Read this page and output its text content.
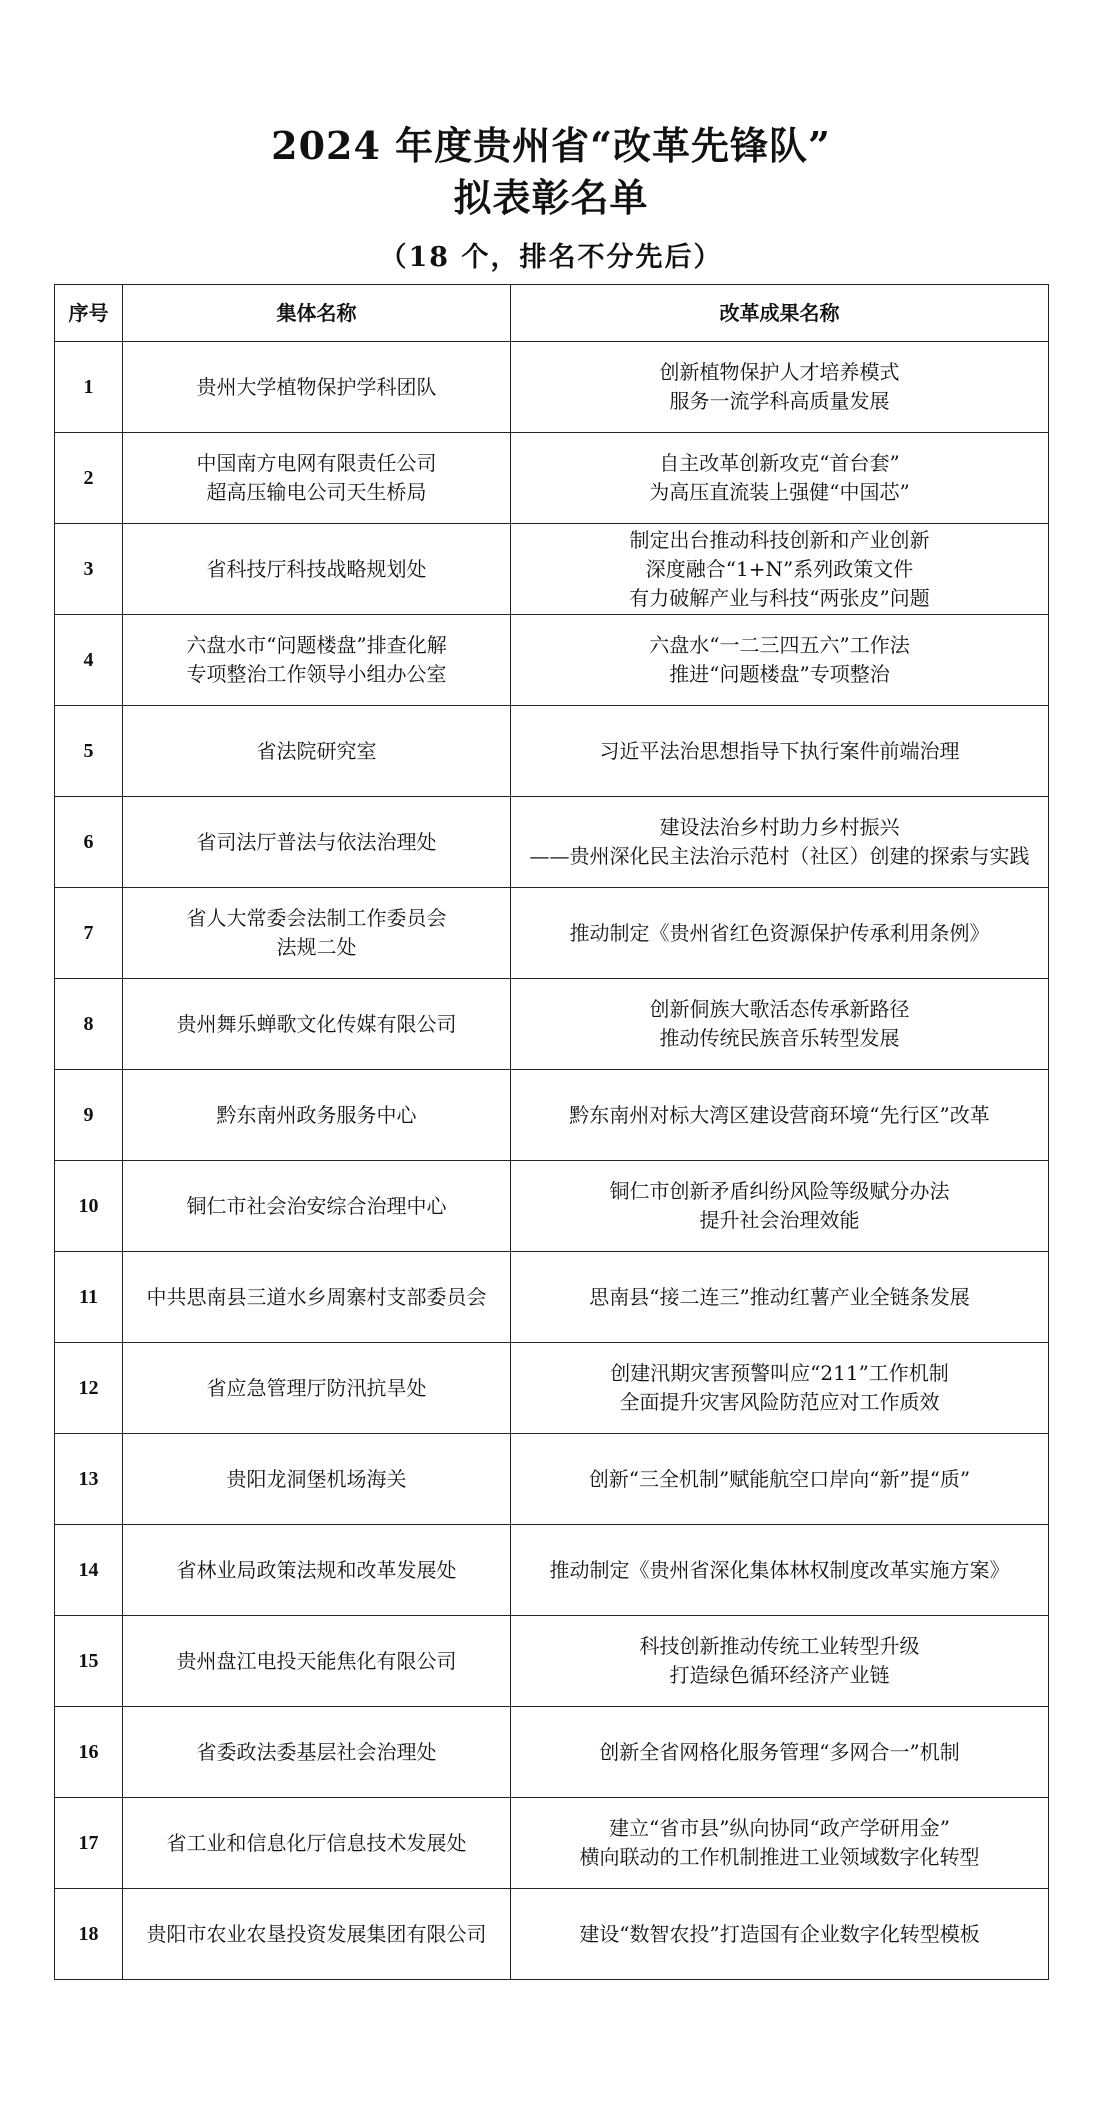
2024 年度贵州省“改革先锋队”
拟表彰名单
（18 个，排名不分先后）
序号	集体名称	改革成果名称
1	贵州大学植物保护学科团队	创新植物保护人才培养模式
服务一流学科高质量发展

2	中国南方电网有限责任公司
超高压输电公司天生桥局	自主改革创新攻克“首台套”
为高压直流装上强健“中国芯”

3	省科技厅科技战略规划处	制定出台推动科技创新和产业创新
深度融合“1+N”系列政策文件
有力破解产业与科技“两张皮”问题

4	六盘水市“问题楼盘”排查化解
专项整治工作领导小组办公室	六盘水“一二三四五六”工作法
推进“问题楼盘”专项整治

5	省法院研究室	习近平法治思想指导下执行案件前端治理

6	省司法厅普法与依法治理处	建设法治乡村助力乡村振兴
——贵州深化民主法治示范村（社区）创建的探索与实践

7	省人大常委会法制工作委员会
法规二处	推动制定《贵州省红色资源保护传承利用条例》

8	贵州舞乐蝉歌文化传媒有限公司	创新侗族大歌活态传承新路径
推动传统民族音乐转型发展

9	黔东南州政务服务中心	黔东南州对标大湾区建设营商环境“先行区”改革

10	铜仁市社会治安综合治理中心	铜仁市创新矛盾纠纷风险等级赋分办法
提升社会治理效能

11	中共思南县三道水乡周寨村支部委员会	思南县“接二连三”推动红薯产业全链条发展

12	省应急管理厅防汛抗旱处	创建汛期灾害预警叫应“211”工作机制
全面提升灾害风险防范应对工作质效

13	贵阳龙洞堡机场海关	创新“三全机制”赋能航空口岸向“新”提“质”

14	省林业局政策法规和改革发展处	推动制定《贵州省深化集体林权制度改革实施方案》

15	贵州盘江电投天能焦化有限公司	科技创新推动传统工业转型升级
打造绿色循环经济产业链

16	省委政法委基层社会治理处	创新全省网格化服务管理“多网合一”机制

17	省工业和信息化厅信息技术发展处	建立“省市县”纵向协同“政产学研用金”
横向联动的工作机制推进工业领域数字化转型

18	贵阳市农业农垦投资发展集团有限公司	建设“数智农投”打造国有企业数字化转型模板
